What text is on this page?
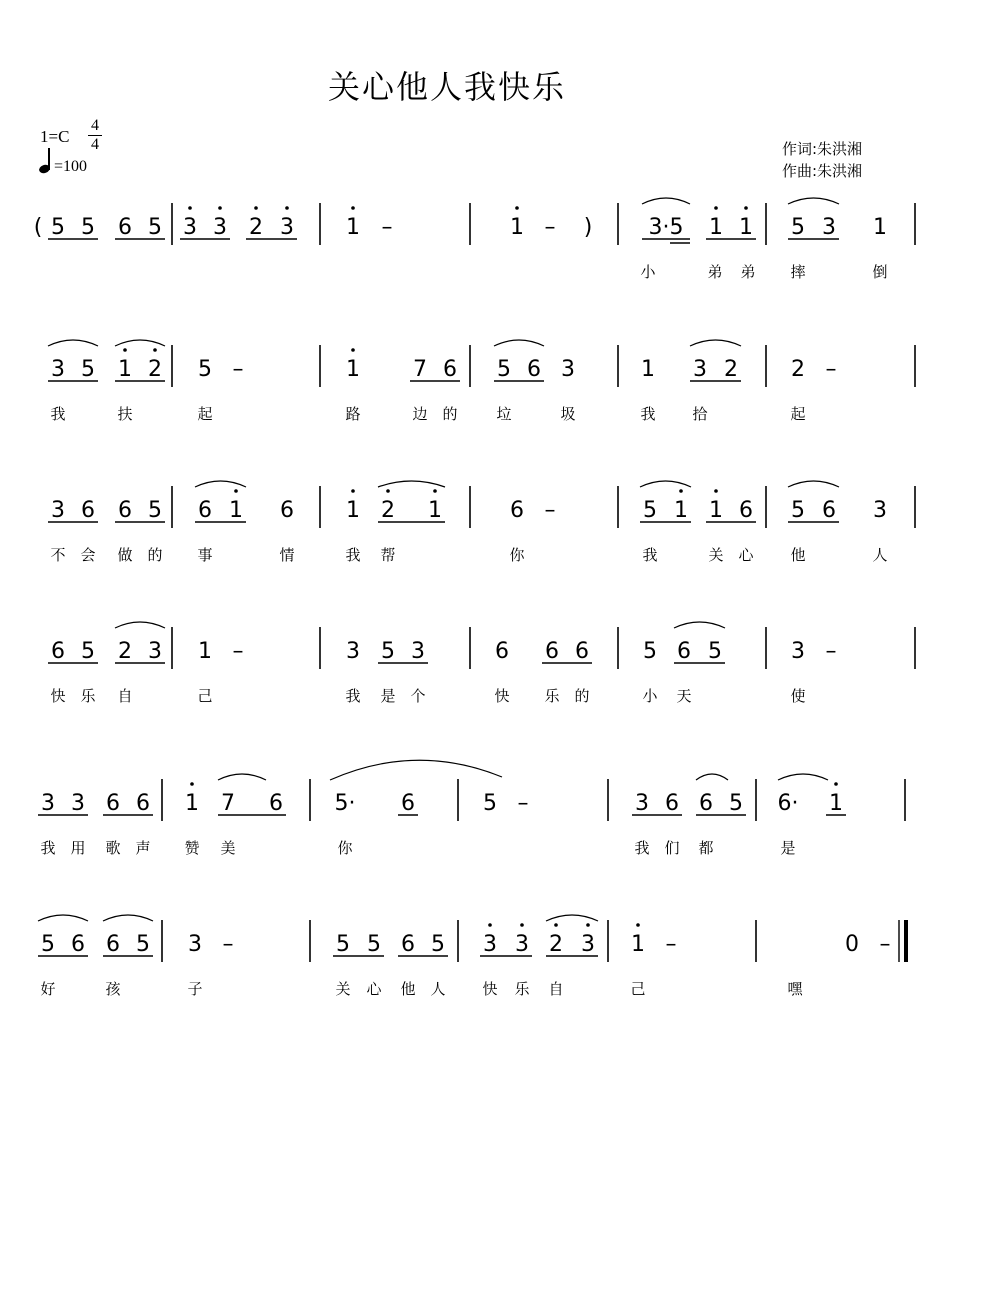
关心他人我快乐
1=C
4
4
=100
作词:朱洪湘
作曲:朱洪湘
( 5 5 6 5 3 3 2 3 1 –	1 – )	3·5 1 1 5 3 1
小	弟 弟 摔	倒
3 5 1 2 5 –	1 7 6 5 6 3	1 3 2 2 –
我	扶	起	路	边 的	垃	圾	我 拾	起
3 6 6 5 6 1 6 1 2 1	6 –	5 1 1 6 5 6 3
不 会 做 的 事	情	我 帮	你	我	关 心 他	人
6 5 2 3 1 –	3 5 3	6 6 6 5 6 5	3 –
快 乐 自	己	我 是 个	快 乐 的	小 天	使
3 3 6 6 1 7 6 5· 6	5 –	3 6 6 5 6· 1
我 用 歌 声 赞 美	你	我 们 都	是
5 6 6 5 3 –	5 5 6 5 3 3 2 3 1 –	0 –
好	孩	子	关 心 他 人 快 乐 自	己	嘿
